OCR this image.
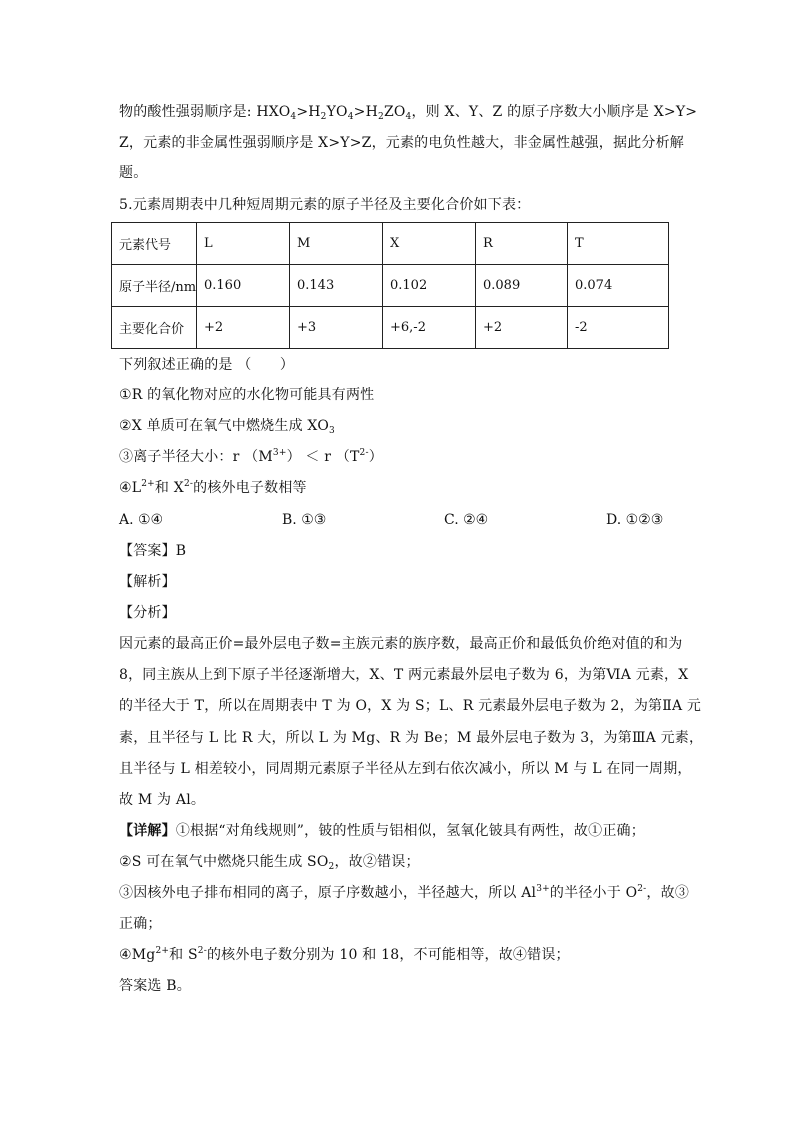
物的酸性强弱顺序是: $HXO_4>H_2YO_4>H_2ZO_4$，则 X、Y、Z 的原子序数大小顺序是 X>Y>
Z，元素的非金属性强弱顺序是 X>Y>Z，元素的电负性越大，非金属性越强，据此分析解
题。
5.元素周期表中几种短周期元素的原子半径及主要化合价如下表：
元素代号	L	M	X	R	T
原子半径/nm	0.160	0.143	0.102	0.089	0.074
主要化合价	+2	+3	+6,-2	+2	-2
下列叙述正确的是 （　　）
①R 的氧化物对应的水化物可能具有两性
②X 单质可在氧气中燃烧生成 $XO_3$
③离子半径大小：r $(M^{3+}) < r$ $(T^{2-})$
$④L^{2+}$和 $X^{2-}$的核外电子数相等
A. ①④	B. ①③	C. ②④	D. ①②③
【答案】B
【解析】
【分析】
因元素的最高正价=最外层电子数=主族元素的族序数，最高正价和最低负价绝对值的和为
8，同主族从上到下原子半径逐渐增大，X、T 两元素最外层电子数为 6，为第ⅥA 元素，X
的半径大于 T，所以在周期表中 T 为 O，X 为 S；L、R 元素最外层电子数为 2，为第ⅡA 元
素，且半径与 L 比 R 大，所以 L 为 Mg、R 为 Be；M 最外层电子数为 3，为第ⅢA 元素，
且半径与 L 相差较小，同周期元素原子半径从左到右依次减小，所以 M 与 L 在同一周期，
故 M 为 Al。
【详解】①根据“对角线规则”，铍的性质与铝相似，氢氧化铍具有两性，故①正确；
②S 可在氧气中燃烧只能生成 $SO_2$，故②错误；
③因核外电子排布相同的离子，原子序数越小，半径越大，所以 $Al^{3+}$的半径小于 $O^{2-}$，故③
正确；
$④Mg^{2+}$和 $S^{2-}$的核外电子数分别为 10 和 18，不可能相等，故④错误；
答案选 B。
